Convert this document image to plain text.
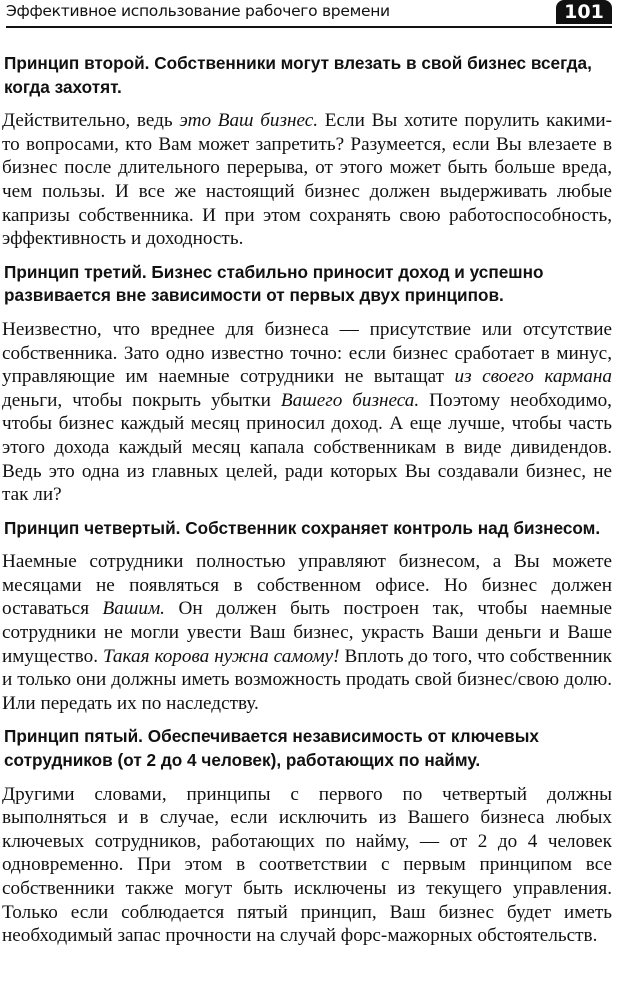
Эффективное использование рабочего времени	101

Принцип второй. Собственники могут влезать в свой бизнес всегда, когда захотят.

Действительно, ведь это Ваш бизнес. Если Вы хотите порулить какими-то вопросами, кто Вам может запретить? Разумеется, если Вы влезаете в бизнес после длительного перерыва, от этого может быть больше вреда, чем пользы. И все же настоящий бизнес должен выдерживать любые капризы собственника. И при этом сохранять свою работоспособность, эффективность и доходность.

Принцип третий. Бизнес стабильно приносит доход и успешно развивается вне зависимости от первых двух принципов.

Неизвестно, что вреднее для бизнеса — присутствие или отсутствие собственника. Зато одно известно точно: если бизнес сработает в минус, управляющие им наемные сотрудники не вытащат из своего кармана деньги, чтобы покрыть убытки Вашего бизнеса. Поэтому необходимо, чтобы бизнес каждый месяц приносил доход. А еще лучше, чтобы часть этого дохода каждый месяц капала собственникам в виде дивидендов. Ведь это одна из главных целей, ради которых Вы создавали бизнес, не так ли?

Принцип четвертый. Собственник сохраняет контроль над бизнесом.

Наемные сотрудники полностью управляют бизнесом, а Вы можете месяцами не появляться в собственном офисе. Но бизнес должен оставаться Вашим. Он должен быть построен так, чтобы наемные сотрудники не могли увести Ваш бизнес, украсть Ваши деньги и Ваше имущество. Такая корова нужна самому! Вплоть до того, что собственник и только они должны иметь возможность продать свой бизнес/свою долю. Или передать их по наследству.

Принцип пятый. Обеспечивается независимость от ключевых сотрудников (от 2 до 4 человек), работающих по найму.

Другими словами, принципы с первого по четвертый должны выполняться и в случае, если исключить из Вашего бизнеса любых ключевых сотрудников, работающих по найму, — от 2 до 4 человек одновременно. При этом в соответствии с первым принципом все собственники также могут быть исключены из текущего управления. Только если соблюдается пятый принцип, Ваш бизнес будет иметь необходимый запас прочности на случай форс-мажорных обстоятельств.
